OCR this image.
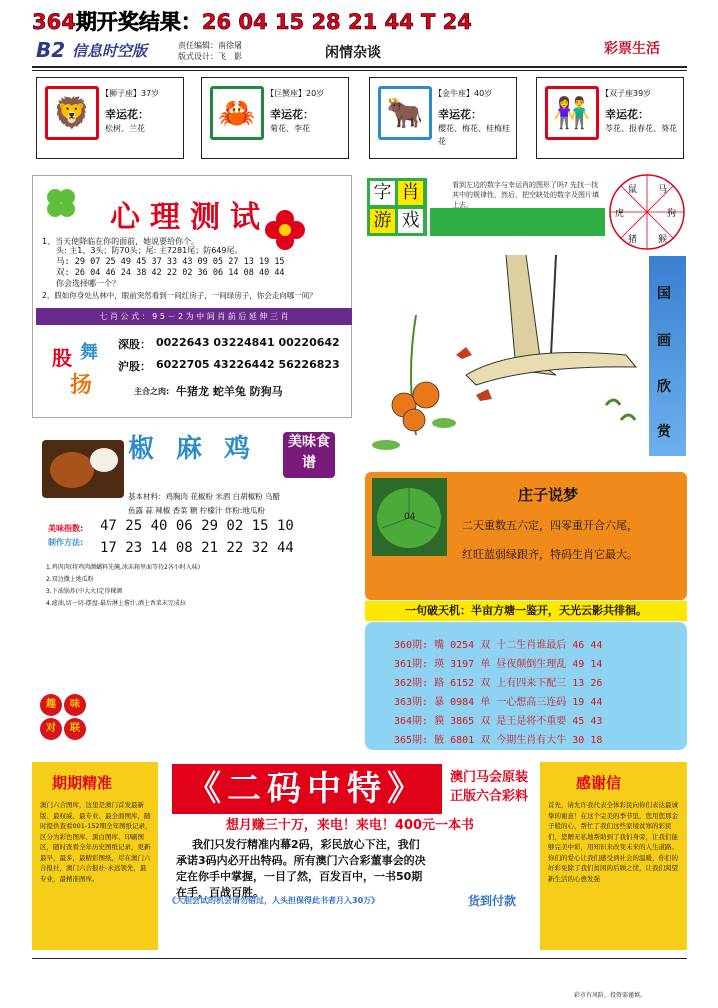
364期开奖结果：26 04 15 28 21 44 T 24
B2 信息时空版	责任编辑：南徐屠
版式设计：飞　影	闲情杂谈	彩票生活
🦁
【狮子座】37岁
幸运花：
松树、兰花	🦀
【巨蟹座】20岁
幸运花：
菊花、李花	🐂
【金牛座】40岁
幸运花：
樱花、梅花、桂梅桂花
👫
【双子座39岁
幸运花：
苓花、报春花、葵花
心理测试
1、当天使降临在你的面前，她说要给你个。
头: 主1、3头；防70头；尾: 主7281尾；防649尾。
马: 29 07 25 49 45 37 33 43 09 05 27 13 19 15
双: 26 04 46 24 38 42 22 02 36 06 14 08 40 44
你会选择哪一个？
2、假如你身处丛林中，眼前突然看到一间红房子，一间绿房子，你会走向哪一间？
七 肖 公 式 ： 9 5 － 2 为 中 间 肖 前 后 延 伸 三 肖
股 舞
扬
深股： 0022643 03224841 00220642
沪股： 6022705 43226442 56226823
主合之肉: 牛猪龙 蛇羊兔 防狗马
椒麻鸡	美味食谱
基本材料：鸡胸肉 花椒粉 米酒 白胡椒粉 乌醋
鱼露 蒜 辣椒 香菜 糖 柠檬汁 炸粉:地瓜粉
美味指数: 47 25 40 06 29 02 15 10
制作方法: 17 23 14 08 21 22 32 44
1.鸡肉肉(将鸡肉颜蝴料先腌,冰冻箱里面等待2各小时入味)
2.双边撒上地瓜粉
3.下油锅炸(中大火)定得棵颜
4.滤油,切一切-摆盘-最后淋上酱汁,洒上香菜末完成拉
趣	味
对	联
字 肖
游 戏
看到左边的数字与幸运肖的图形了吗? 先找一找其中的规律性，然后，把空缺处的数字及图片填上去。
鼠 马
虎	狗
猪 猴
国
画
欣
赏
04
庄子说梦
二天重数五六定，四零重开合六尾，
红旺蓝弱绿跟齐，特码生肖它最大。
一句破天机：半亩方塘一鉴开，天光云影共徘徊。
360期: 嘴 0254 双 十二生肖谁最后 46 44
361期: 瑛 3197 单 昼夜颠倒生理乱 49 14
362期: 路 6152 双 上有四来下配三 13 26
363期: 暴 0984 单 一心想高三连码 19 44
364期: 貘 3865 双 是王是将不重要 45 43
365期: 腋 6801 双 今期生肖有大牛 30 18
期期精准
澳门六合图库，这里是澳门首发最新版、最权威、最专业、最全面图库，随时提供查看001-152期全年图纸记录，区分为彩色图库、黑白图库、印刷图区，随时查看全年历史图纸记录，更新最早，最多，最精彩图纸，尽在澳门六合报社，澳门六合报社-永远领先，最专业，最精准图库。
《二码中特》	澳门马会原装
正版六合彩料
想月赚三十万，来电！来电！400元一本书
我们只发行精准内幕2码，彩民放心下注，我们
承诺3码内必开出特码。所有澳门六合彩董事会的决
定在你手中掌握，一目了然，百发百中，一书50期
在手，百战百胜。
《大胆尝试的机会请勿错过，人头担保得此书者月入30万》	货到付款
感谢信
首先，请允许我代表全体彩民向你们表达最诚挚的谢意！在这个完美的季节里，您用您那金子般的心，帮忙了我们这些家境贫寒的彩民们，您赠无私地帮助到了我们身旁，让我们能够完美中彩，用知识来改变未来的人生道路。你们的爱心让我们感受到社会的温暖，你们的好彩免除了我们贫困的后顾之忧，让我们渴望新生活的心愈发强
彩市有风险，投资需谨慎。
